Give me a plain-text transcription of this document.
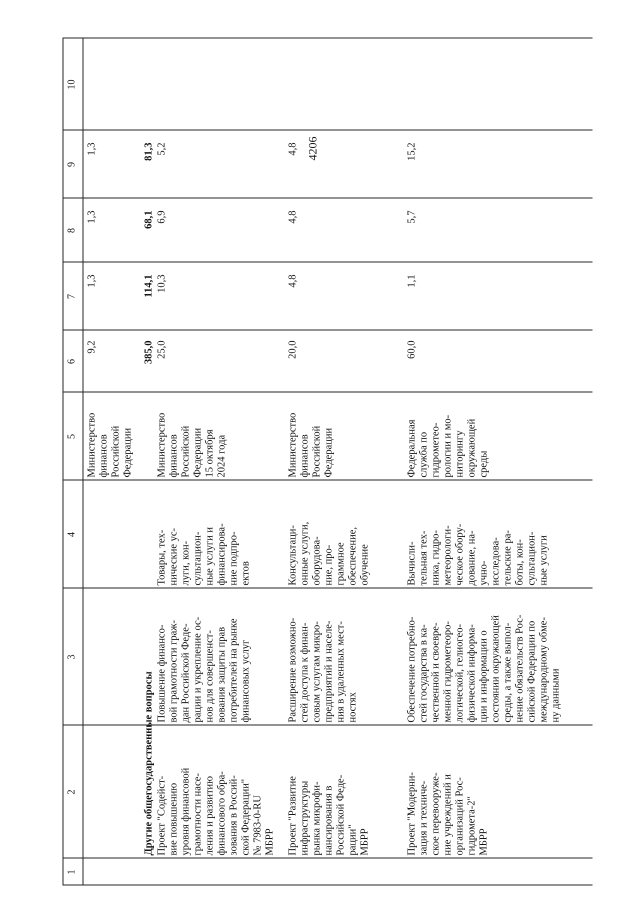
1
2
3
4
5
6
7
8
9
10
Министерство
финансов
Российской
Федерации
9,2
1,3
1,3
1,3
Другие общегосударственные вопросы
385,0
114,1
68,1
81,3
Проект "Содейст-
вие повышению
уровня финансовой
грамотности насе-
ления и развитию
финансового обра-
зования в Россий-
ской Федерации"
№ 7983-0-RU
МБРР
Повышение финансо-
вой грамотности граж-
дан Российской Феде-
рации и укрепление ос-
нов для совершенст-
вования защиты прав
потребителей на рынке
финансовых услуг
Товары, тех-
нические ус-
луги, кон-
сультацион-
ные услуги и
финансирова-
ние подпро-
ектов
Министерство
финансов
Российской
Федерации
15 октября
2024 года
25,0
10,3
6,9
5,2
Проект "Развитие
инфраструктуры
рынка микрофи-
нансирования в
Российской Феде-
рации"
МБРР
Расширение возможно-
стей доступа к финан-
совым услугам микро-
предприятий и населе-
ния в удаленных мест-
ностях
Консультаци-
онные услуги,
оборудова-
ние, про-
граммное
обеспечение,
обучение
Министерство
финансов
Российской
Федерации
20,0
4,8
4,8
4,8
Проект "Модерни-
зация и техниче-
ское перевооруже-
ние учреждений и
организаций Рос-
гидромета-2"
МБРР
Обеспечение потребно-
стей государства в ка-
чественной и своевре-
менной гидрометеоро-
логической, гелиогео-
физической информа-
ции и информации о
состоянии окружающей
среды, а также выпол-
нение обязательств Рос-
сийской Федерации по
международному обме-
ну данными
Вычисли-
тельная тех-
ника, гидро-
метеорологи-
ческое обору-
дование, на-
учно-
исследова-
тельские ра-
боты, кон-
сультацион-
ные услуги
Федеральная
служба по
гидрометео-
рологии и мо-
ниторингу
окружающей
среды
60,0
1,1
5,7
15,2
4206
